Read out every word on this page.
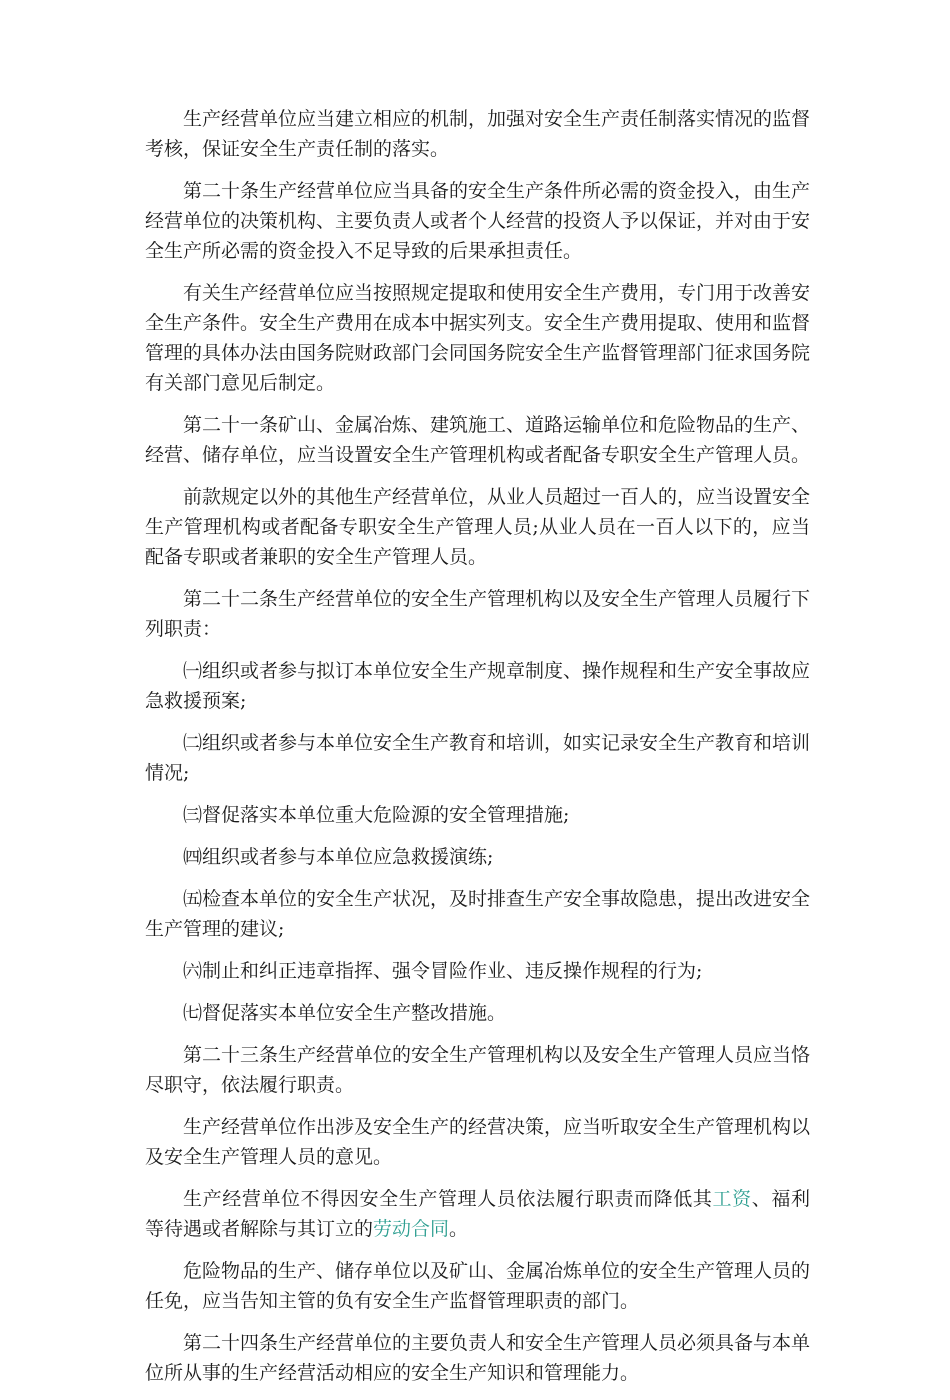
生产经营单位应当建立相应的机制，加强对安全生产责任制落实情况的监督考核，保证安全生产责任制的落实。

第二十条生产经营单位应当具备的安全生产条件所必需的资金投入，由生产经营单位的决策机构、主要负责人或者个人经营的投资人予以保证，并对由于安全生产所必需的资金投入不足导致的后果承担责任。

有关生产经营单位应当按照规定提取和使用安全生产费用，专门用于改善安全生产条件。安全生产费用在成本中据实列支。安全生产费用提取、使用和监督管理的具体办法由国务院财政部门会同国务院安全生产监督管理部门征求国务院有关部门意见后制定。

第二十一条矿山、金属冶炼、建筑施工、道路运输单位和危险物品的生产、经营、储存单位，应当设置安全生产管理机构或者配备专职安全生产管理人员。

前款规定以外的其他生产经营单位，从业人员超过一百人的，应当设置安全生产管理机构或者配备专职安全生产管理人员;从业人员在一百人以下的，应当配备专职或者兼职的安全生产管理人员。

第二十二条生产经营单位的安全生产管理机构以及安全生产管理人员履行下列职责：

㈠组织或者参与拟订本单位安全生产规章制度、操作规程和生产安全事故应急救援预案;

㈡组织或者参与本单位安全生产教育和培训，如实记录安全生产教育和培训情况;

㈢督促落实本单位重大危险源的安全管理措施;

㈣组织或者参与本单位应急救援演练;

㈤检查本单位的安全生产状况，及时排查生产安全事故隐患，提出改进安全生产管理的建议;

㈥制止和纠正违章指挥、强令冒险作业、违反操作规程的行为;

㈦督促落实本单位安全生产整改措施。

第二十三条生产经营单位的安全生产管理机构以及安全生产管理人员应当恪尽职守，依法履行职责。

生产经营单位作出涉及安全生产的经营决策，应当听取安全生产管理机构以及安全生产管理人员的意见。

生产经营单位不得因安全生产管理人员依法履行职责而降低其工资、福利等待遇或者解除与其订立的劳动合同。

危险物品的生产、储存单位以及矿山、金属冶炼单位的安全生产管理人员的任免，应当告知主管的负有安全生产监督管理职责的部门。

第二十四条生产经营单位的主要负责人和安全生产管理人员必须具备与本单位所从事的生产经营活动相应的安全生产知识和管理能力。
